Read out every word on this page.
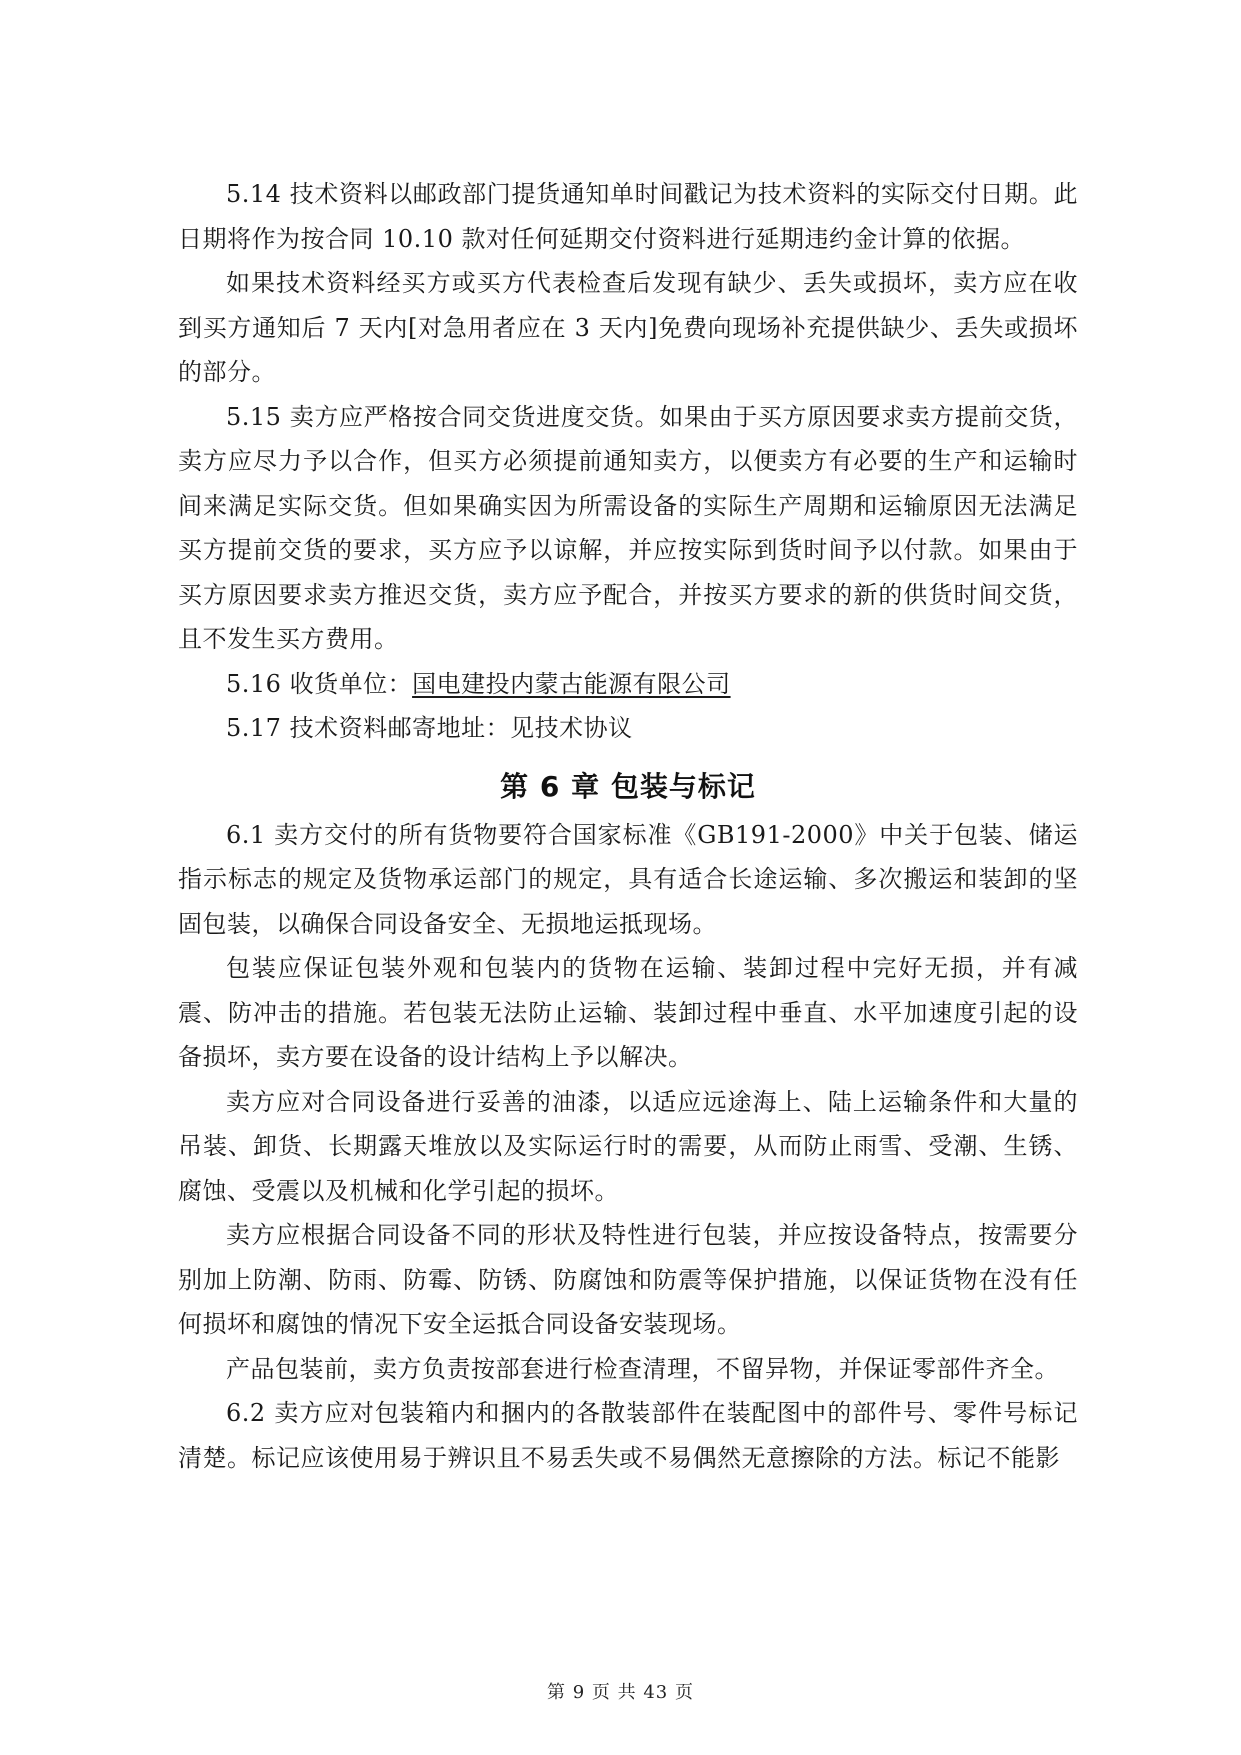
5.14 技术资料以邮政部门提货通知单时间戳记为技术资料的实际交付日期。此日期将作为按合同 10.10 款对任何延期交付资料进行延期违约金计算的依据。

如果技术资料经买方或买方代表检查后发现有缺少、丢失或损坏，卖方应在收到买方通知后 7 天内[对急用者应在 3 天内]免费向现场补充提供缺少、丢失或损坏的部分。

5.15 卖方应严格按合同交货进度交货。如果由于买方原因要求卖方提前交货，卖方应尽力予以合作，但买方必须提前通知卖方，以便卖方有必要的生产和运输时间来满足实际交货。但如果确实因为所需设备的实际生产周期和运输原因无法满足买方提前交货的要求，买方应予以谅解，并应按实际到货时间予以付款。如果由于买方原因要求卖方推迟交货，卖方应予配合，并按买方要求的新的供货时间交货，且不发生买方费用。

5.16 收货单位：国电建投内蒙古能源有限公司

5.17 技术资料邮寄地址：见技术协议

第 6 章 包装与标记

6.1 卖方交付的所有货物要符合国家标准《GB191-2000》中关于包装、储运指示标志的规定及货物承运部门的规定，具有适合长途运输、多次搬运和装卸的坚固包装，以确保合同设备安全、无损地运抵现场。

包装应保证包装外观和包装内的货物在运输、装卸过程中完好无损，并有减震、防冲击的措施。若包装无法防止运输、装卸过程中垂直、水平加速度引起的设备损坏，卖方要在设备的设计结构上予以解决。

卖方应对合同设备进行妥善的油漆，以适应远途海上、陆上运输条件和大量的吊装、卸货、长期露天堆放以及实际运行时的需要，从而防止雨雪、受潮、生锈、腐蚀、受震以及机械和化学引起的损坏。

卖方应根据合同设备不同的形状及特性进行包装，并应按设备特点，按需要分别加上防潮、防雨、防霉、防锈、防腐蚀和防震等保护措施，以保证货物在没有任何损坏和腐蚀的情况下安全运抵合同设备安装现场。

产品包装前，卖方负责按部套进行检查清理，不留异物，并保证零部件齐全。

6.2 卖方应对包装箱内和捆内的各散装部件在装配图中的部件号、零件号标记清楚。标记应该使用易于辨识且不易丢失或不易偶然无意擦除的方法。标记不能影

第 9 页 共 43 页
